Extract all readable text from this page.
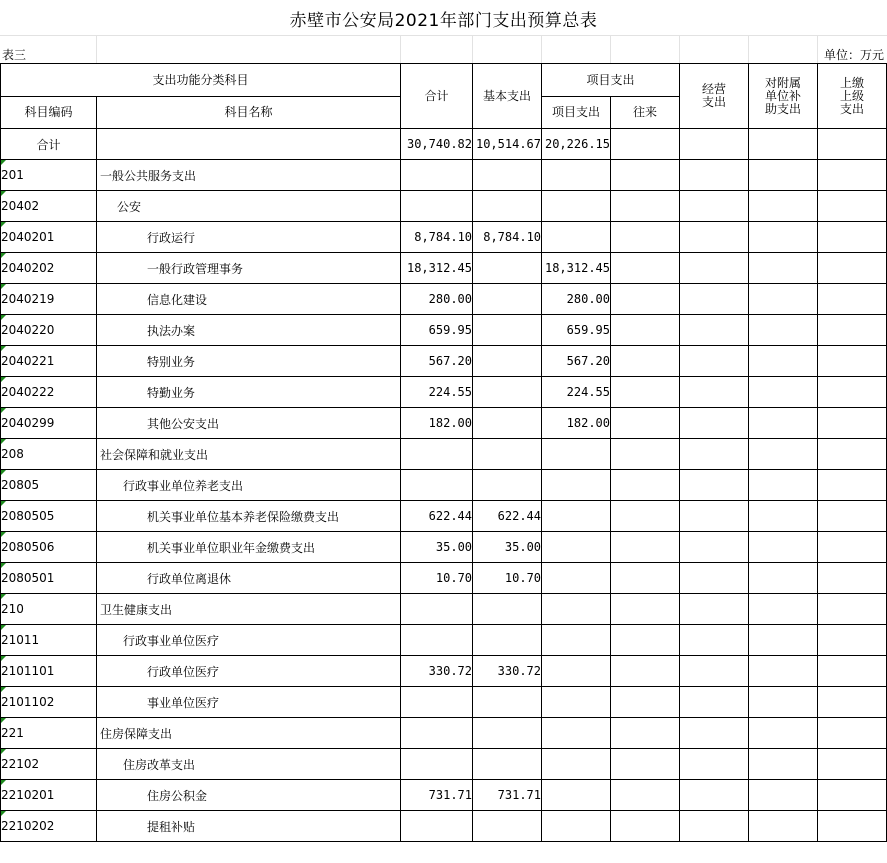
赤壁市公安局2021年部门支出预算总表
表三	单位：万元
支出功能分类科目		合计	基本支出	项目支出		经营支出	对附属单位补助支出	上缴上级支出

科目编码	科目名称			项目支出	往来			
合计		30,740.82	10,514.67	20,226.15				
201	一般公共服务支出							
20402	公安							
2040201	行政运行	8,784.10	8,784.10					
2040202	一般行政管理事务	18,312.45		18,312.45				
2040219	信息化建设	280.00		280.00				
2040220	执法办案	659.95		659.95				
2040221	特别业务	567.20		567.20				
2040222	特勤业务	224.55		224.55				
2040299	其他公安支出	182.00		182.00				
208	社会保障和就业支出							
20805	行政事业单位养老支出							
2080505	机关事业单位基本养老保险缴费支出	622.44	622.44					
2080506	机关事业单位职业年金缴费支出	35.00	35.00					
2080501	行政单位离退休	10.70	10.70					
210	卫生健康支出							
21011	行政事业单位医疗							
2101101	行政单位医疗	330.72	330.72					
2101102	事业单位医疗							
221	住房保障支出							
22102	住房改革支出							
2210201	住房公积金	731.71	731.71					
2210202	提租补贴							
